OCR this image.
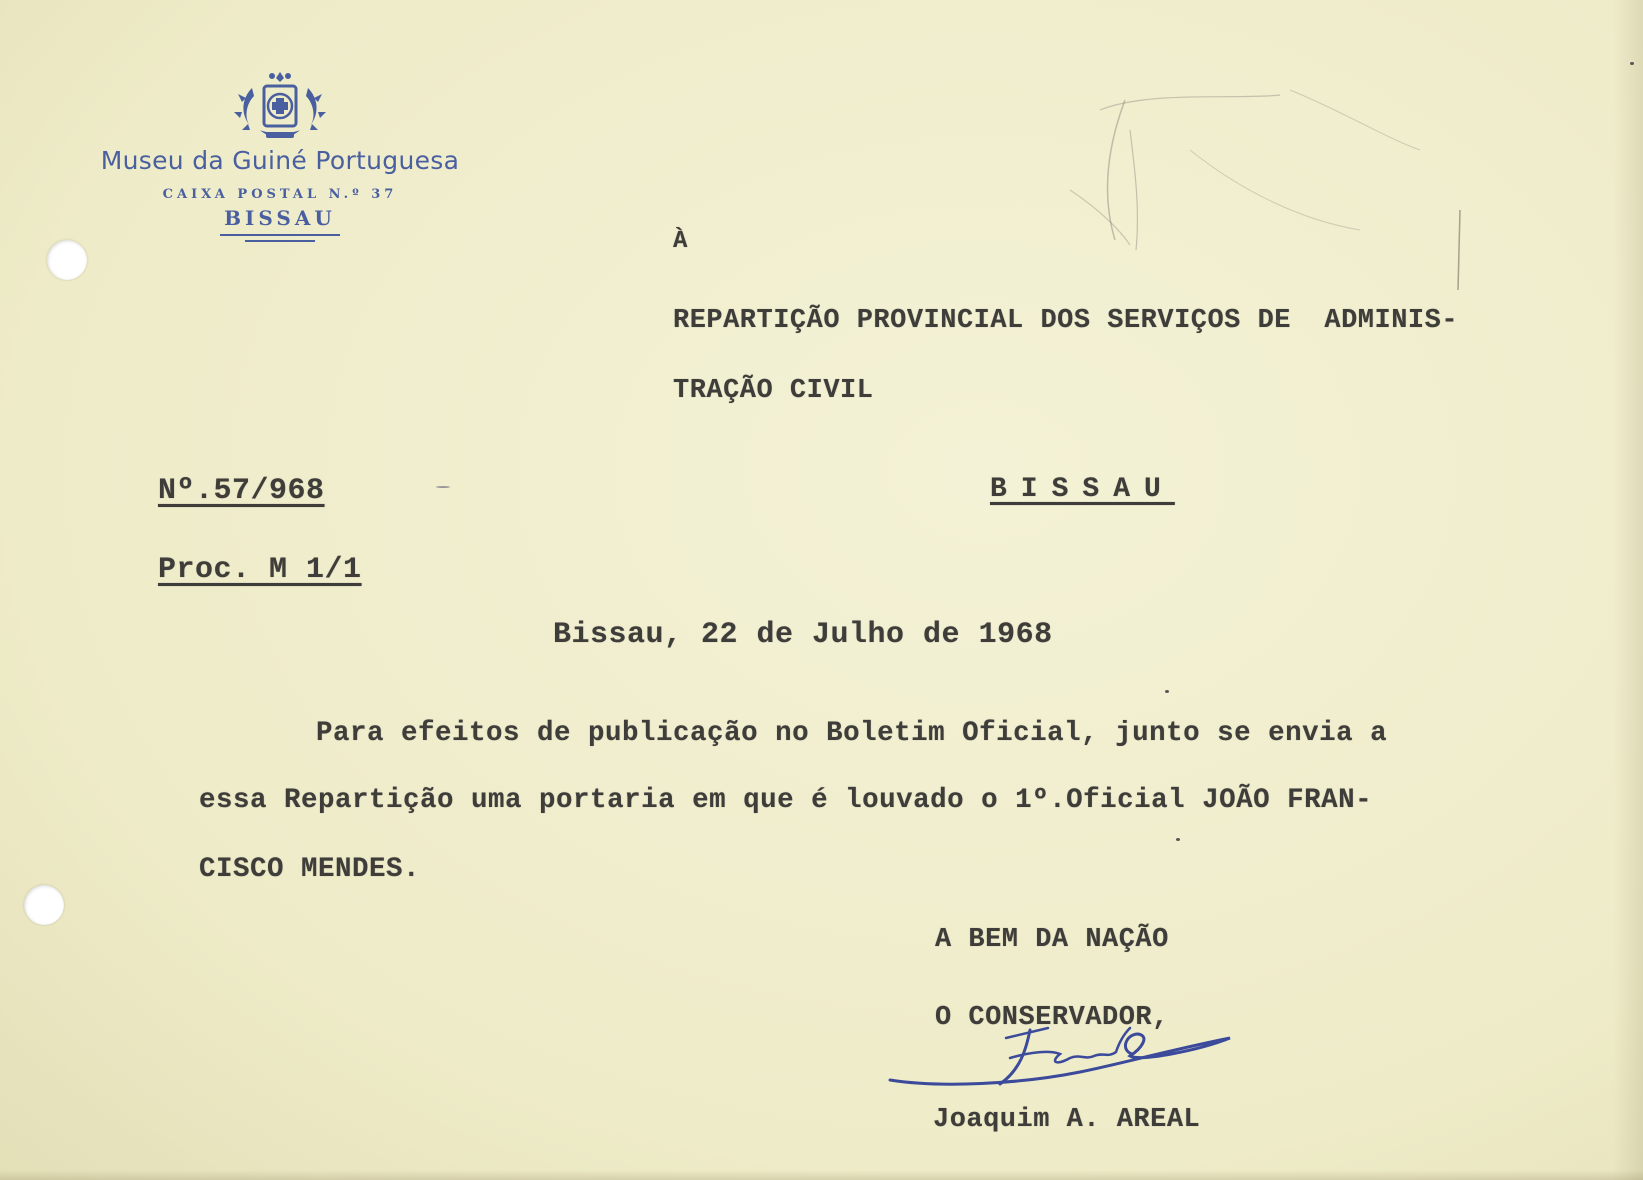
Museu da Guiné Portuguesa
CAIXA POSTAL N.º 37
BISSAU
À
REPARTIÇÃO PROVINCIAL DOS SERVIÇOS DE  ADMINIS-
TRAÇÃO CIVIL
Nº.57/968	BISSAU
Proc. M 1/1
Bissau, 22 de Julho de 1968
Para efeitos de publicação no Boletim Oficial, junto se envia a
essa Repartição uma portaria em que é louvado o 1º.Oficial JOÃO FRAN-
CISCO MENDES.
A BEM DA NAÇÃO
O CONSERVADOR,
Joaquim A. AREAL
